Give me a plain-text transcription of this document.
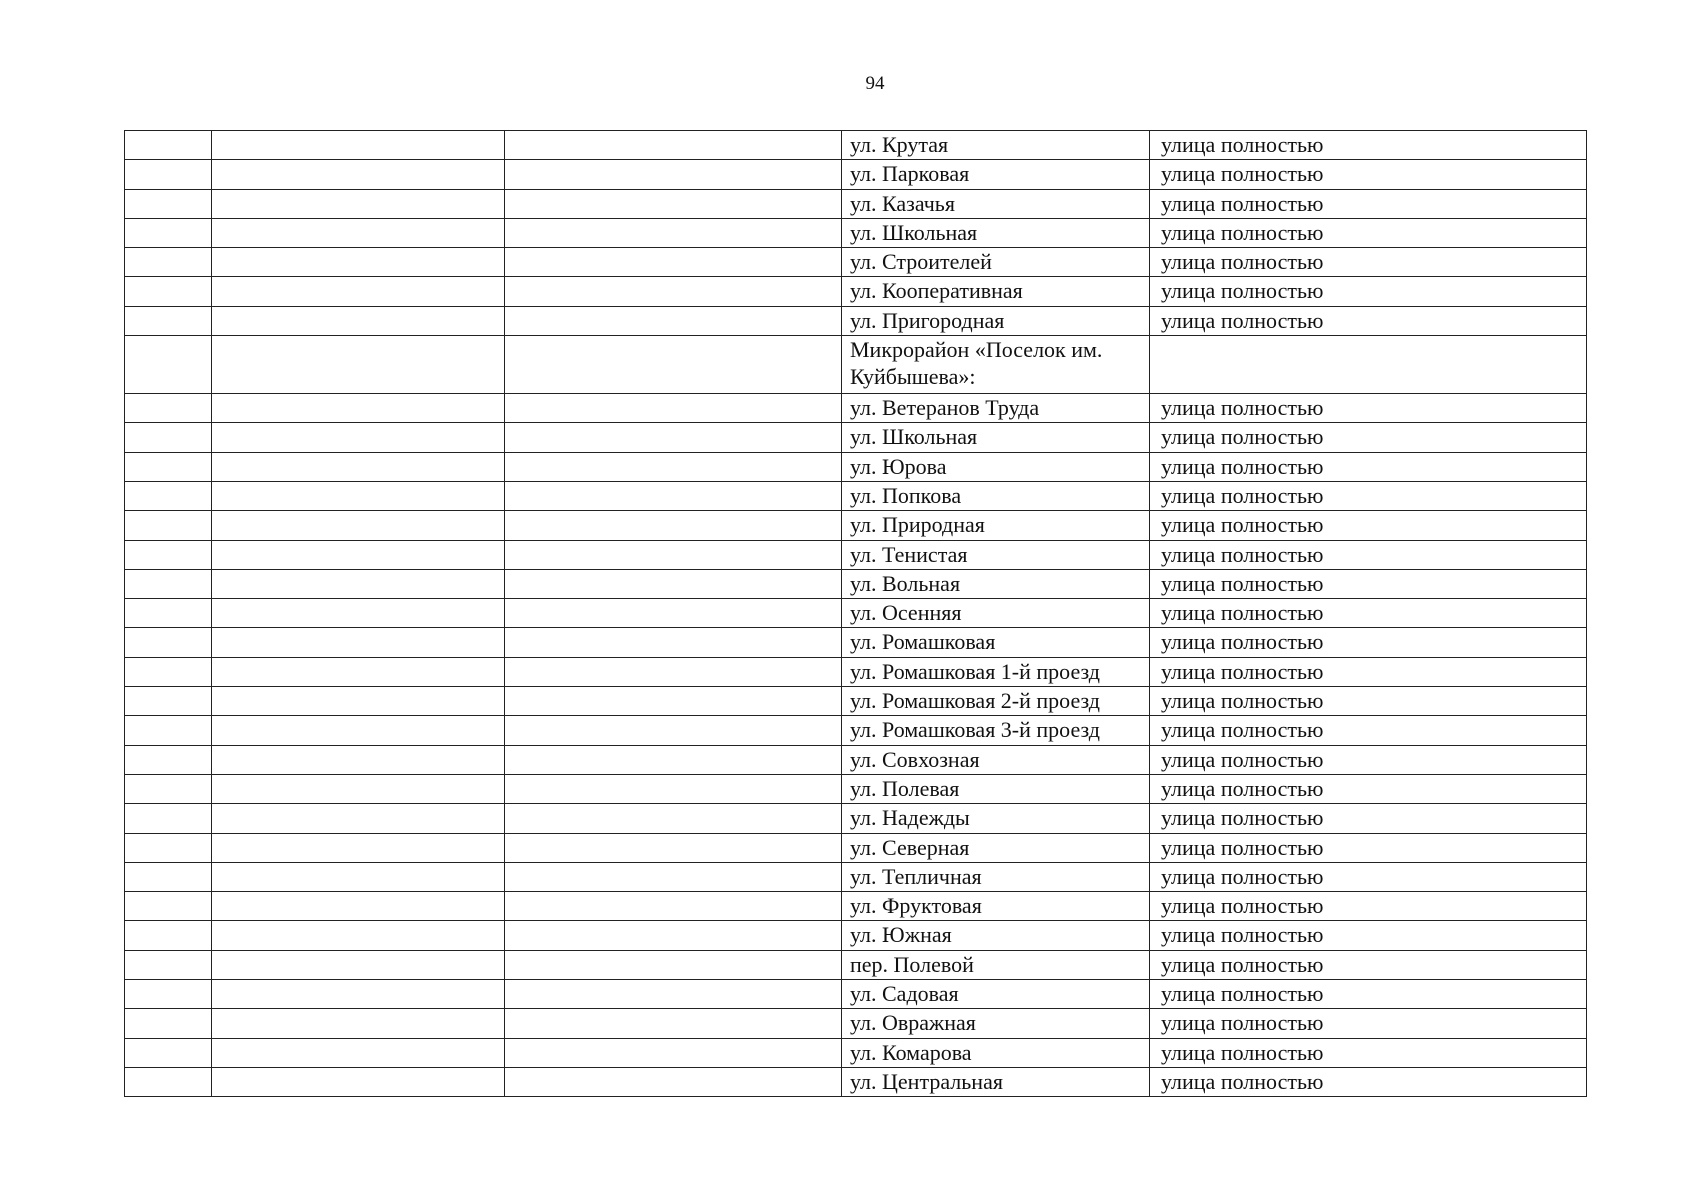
94
			ул. Крутая	улица полностью
			ул. Парковая	улица полностью
			ул. Казачья	улица полностью
			ул. Школьная	улица полностью
			ул. Строителей	улица полностью
			ул. Кооперативная	улица полностью
			ул. Пригородная	улица полностью
			Микрорайон «Поселок им. Куйбышева»:	
			ул. Ветеранов Труда	улица полностью
			ул. Школьная	улица полностью
			ул. Юрова	улица полностью
			ул. Попкова	улица полностью
			ул. Природная	улица полностью
			ул. Тенистая	улица полностью
			ул. Вольная	улица полностью
			ул. Осенняя	улица полностью
			ул. Ромашковая	улица полностью
			ул. Ромашковая 1-й проезд	улица полностью
			ул. Ромашковая 2-й проезд	улица полностью
			ул. Ромашковая 3-й проезд	улица полностью
			ул. Совхозная	улица полностью
			ул. Полевая	улица полностью
			ул. Надежды	улица полностью
			ул. Северная	улица полностью
			ул. Тепличная	улица полностью
			ул. Фруктовая	улица полностью
			ул. Южная	улица полностью
			пер. Полевой	улица полностью
			ул. Садовая	улица полностью
			ул. Овражная	улица полностью
			ул. Комарова	улица полностью
			ул. Центральная	улица полностью
